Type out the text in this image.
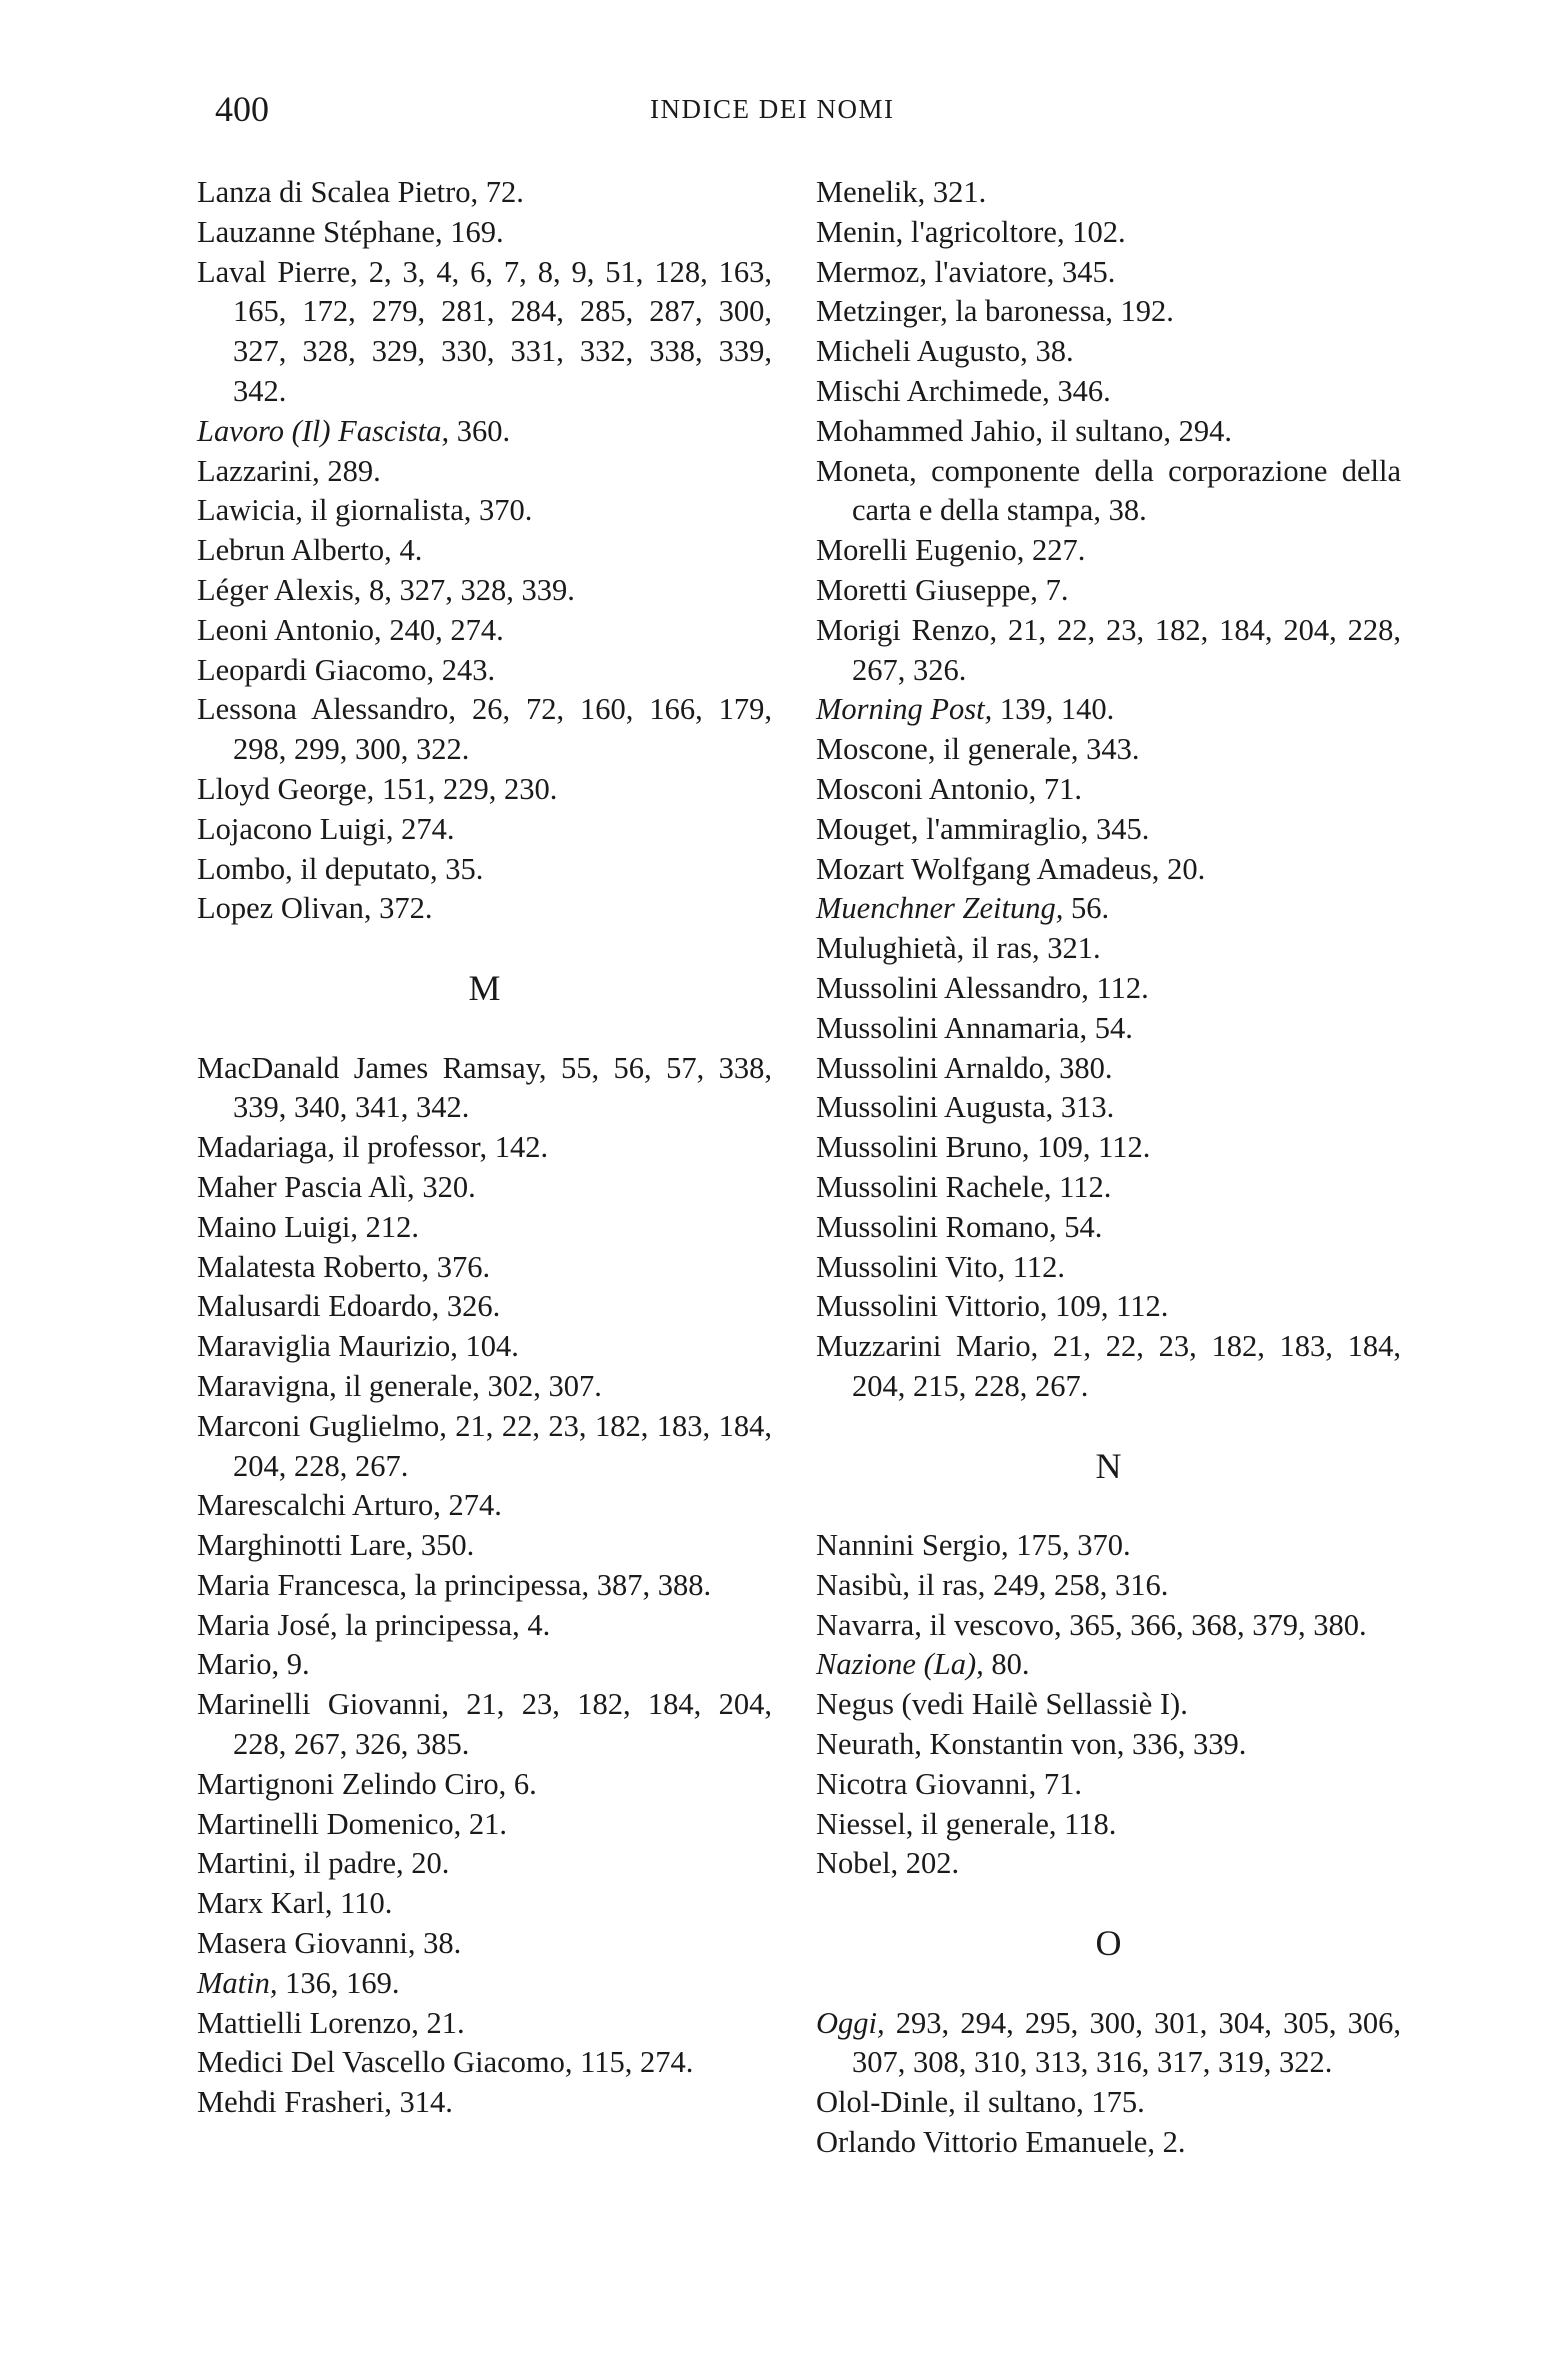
400	INDICE DEI NOMI
Lanza di Scalea Pietro, 72.
Lauzanne Stéphane, 169.
Laval Pierre, 2, 3, 4, 6, 7, 8, 9, 51, 128, 163, 165, 172, 279, 281, 284, 285, 287, 300, 327, 328, 329, 330, 331, 332, 338, 339, 342.
Lavoro (Il) Fascista, 360.
Lazzarini, 289.
Lawicia, il giornalista, 370.
Lebrun Alberto, 4.
Léger Alexis, 8, 327, 328, 339.
Leoni Antonio, 240, 274.
Leopardi Giacomo, 243.
Lessona Alessandro, 26, 72, 160, 166, 179, 298, 299, 300, 322.
Lloyd George, 151, 229, 230.
Lojacono Luigi, 274.
Lombo, il deputato, 35.
Lopez Olivan, 372.
M
MacDanald James Ramsay, 55, 56, 57, 338, 339, 340, 341, 342.
Madariaga, il professor, 142.
Maher Pascia Alì, 320.
Maino Luigi, 212.
Malatesta Roberto, 376.
Malusardi Edoardo, 326.
Maraviglia Maurizio, 104.
Maravigna, il generale, 302, 307.
Marconi Guglielmo, 21, 22, 23, 182, 183, 184, 204, 228, 267.
Marescalchi Arturo, 274.
Marghinotti Lare, 350.
Maria Francesca, la principessa, 387, 388.
Maria José, la principessa, 4.
Mario, 9.
Marinelli Giovanni, 21, 23, 182, 184, 204, 228, 267, 326, 385.
Martignoni Zelindo Ciro, 6.
Martinelli Domenico, 21.
Martini, il padre, 20.
Marx Karl, 110.
Masera Giovanni, 38.
Matin, 136, 169.
Mattielli Lorenzo, 21.
Medici Del Vascello Giacomo, 115, 274.
Mehdi Frasheri, 314.
Menelik, 321.
Menin, l'agricoltore, 102.
Mermoz, l'aviatore, 345.
Metzinger, la baronessa, 192.
Micheli Augusto, 38.
Mischi Archimede, 346.
Mohammed Jahio, il sultano, 294.
Moneta, componente della corporazione della carta e della stampa, 38.
Morelli Eugenio, 227.
Moretti Giuseppe, 7.
Morigi Renzo, 21, 22, 23, 182, 184, 204, 228, 267, 326.
Morning Post, 139, 140.
Moscone, il generale, 343.
Mosconi Antonio, 71.
Mouget, l'ammiraglio, 345.
Mozart Wolfgang Amadeus, 20.
Muenchner Zeitung, 56.
Mulughietà, il ras, 321.
Mussolini Alessandro, 112.
Mussolini Annamaria, 54.
Mussolini Arnaldo, 380.
Mussolini Augusta, 313.
Mussolini Bruno, 109, 112.
Mussolini Rachele, 112.
Mussolini Romano, 54.
Mussolini Vito, 112.
Mussolini Vittorio, 109, 112.
Muzzarini Mario, 21, 22, 23, 182, 183, 184, 204, 215, 228, 267.
N
Nannini Sergio, 175, 370.
Nasibù, il ras, 249, 258, 316.
Navarra, il vescovo, 365, 366, 368, 379, 380.
Nazione (La), 80.
Negus (vedi Hailè Sellassiè I).
Neurath, Konstantin von, 336, 339.
Nicotra Giovanni, 71.
Niessel, il generale, 118.
Nobel, 202.
O
Oggi, 293, 294, 295, 300, 301, 304, 305, 306, 307, 308, 310, 313, 316, 317, 319, 322.
Olol-Dinle, il sultano, 175.
Orlando Vittorio Emanuele, 2.
